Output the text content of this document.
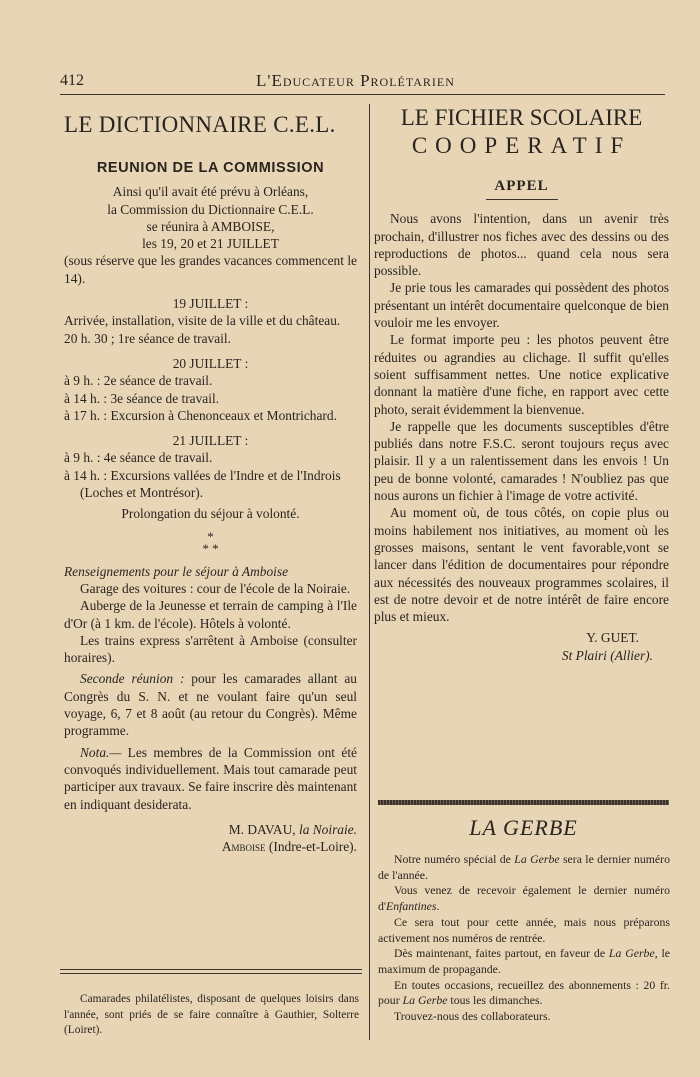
412	L'Educateur Prolétarien

LE DICTIONNAIRE C.E.L.

REUNION DE LA COMMISSION

Ainsi qu'il avait été prévu à Orléans,

la Commission du Dictionnaire C.E.L.

se réunira à AMBOISE,

les 19, 20 et 21 JUILLET

(sous réserve que les grandes vacances commencent le 14).

19 JUILLET :

Arrivée, installation, visite de la ville et du château.

20 h. 30 ; 1re séance de travail.

20 JUILLET :

à 9 h. : 2e séance de travail.

à 14 h. : 3e séance de travail.

à 17 h. : Excursion à Chenonceaux et Montrichard.

21 JUILLET :

à 9 h. : 4e séance de travail.

à 14 h. : Excursions vallées de l'Indre et de l'Indrois (Loches et Montrésor).

Prolongation du séjour à volonté.

*
* *

Renseignements pour le séjour à Amboise

Garage des voitures : cour de l'école de la Noiraie.

Auberge de la Jeunesse et terrain de camping à l'Ile d'Or (à 1 km. de l'école). Hôtels à volonté.

Les trains express s'arrêtent à Amboise (consulter horaires).

Seconde réunion : pour les camarades allant au Congrès du S. N. et ne voulant faire qu'un seul voyage, 6, 7 et 8 août (au retour du Congrès). Même programme.

Nota.— Les membres de la Commission ont été convoqués individuellement. Mais tout camarade peut participer aux travaux. Se faire inscrire dès maintenant en indiquant desiderata.

M. DAVAU, la Noiraie.

Amboise (Indre-et-Loire).

Camarades philatélistes, disposant de quelques loisirs dans l'année, sont priés de se faire connaître à Gauthier, Solterre (Loiret).

LE FICHIER SCOLAIRE

COOPERATIF

APPEL

Nous avons l'intention, dans un avenir très prochain, d'illustrer nos fiches avec des dessins ou des reproductions de photos... quand cela nous sera possible.

Je prie tous les camarades qui possèdent des photos présentant un intérêt documentaire quelconque de bien vouloir me les envoyer.

Le format importe peu : les photos peuvent être réduites ou agrandies au clichage. Il suffit qu'elles soient suffisamment nettes. Une notice explicative donnant la matière d'une fiche, en rapport avec cette photo, serait évidemment la bienvenue.

Je rappelle que les documents susceptibles d'être publiés dans notre F.S.C. seront toujours reçus avec plaisir. Il y a un ralentissement dans les envois ! Un peu de bonne volonté, camarades ! N'oubliez pas que nous aurons un fichier à l'image de votre activité.

Au moment où, de tous côtés, on copie plus ou moins habilement nos initiatives, au moment où les grosses maisons, sentant le vent favorable,vont se lancer dans l'édition de documentaires pour répondre aux nécessités des nouveaux programmes scolaires, il est de notre devoir et de notre intérêt de faire encore plus et mieux.

Y. GUET.

St Plairi (Allier).

LA GERBE

Notre numéro spécial de La Gerbe sera le dernier numéro de l'année.

Vous venez de recevoir également le dernier numéro d'Enfantines.

Ce sera tout pour cette année, mais nous préparons activement nos numéros de rentrée.

Dès maintenant, faites partout, en faveur de La Gerbe, le maximum de propagande.

En toutes occasions, recueillez des abonnements : 20 fr. pour La Gerbe tous les dimanches.

Trouvez-nous des collaborateurs.
